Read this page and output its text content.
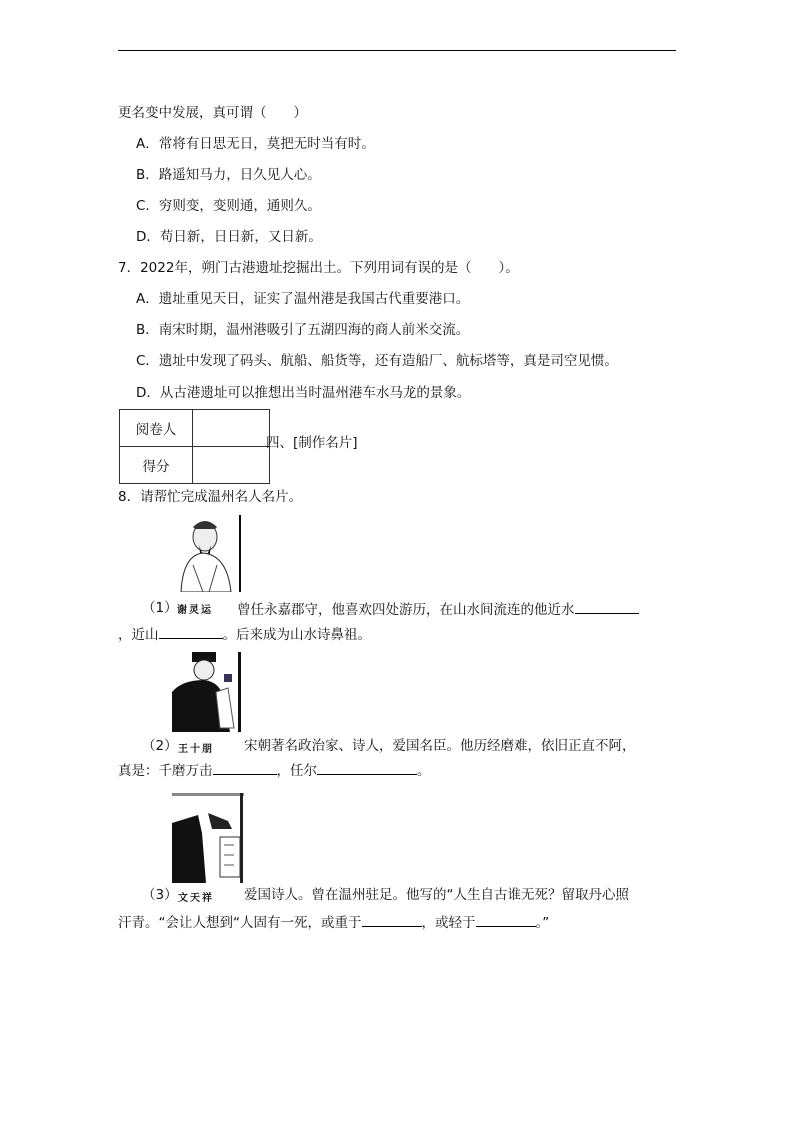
更名变中发展，真可谓（　　）
A．常将有日思无日，莫把无时当有时。
B．路遥知马力，日久见人心。
C．穷则变，变则通，通则久。
D．苟日新，日日新，又日新。
7．2022年，朔门古港遗址挖掘出土。下列用词有误的是（　　）。
A．遗址重见天日，证实了温州港是我国古代重要港口。
B．南宋时期，温州港吸引了五湖四海的商人前米交流。
C．遗址中发现了码头、航船、船货等，还有造船厂、航标塔等，真是司空见惯。
D．从古港遗址可以推想出当时温州港车水马龙的景象。
阅卷人	
得分	
四、[制作名片]
8．请帮忙完成温州名人名片。
谢灵运
（1）	曾任永嘉郡守，他喜欢四处游历，在山水间流连的他近水
，近山	。后来成为山水诗鼻祖。
王十朋
（2）	宋朝著名政治家、诗人，爱国名臣。他历经磨难，依旧正直不阿，
真是：千磨万击	，任尔	。
文天祥
（3）	爱国诗人。曾在温州驻足。他写的“人生自古谁无死？留取丹心照
汗青。“会让人想到“人固有一死，或重于	，或轻于	。”
